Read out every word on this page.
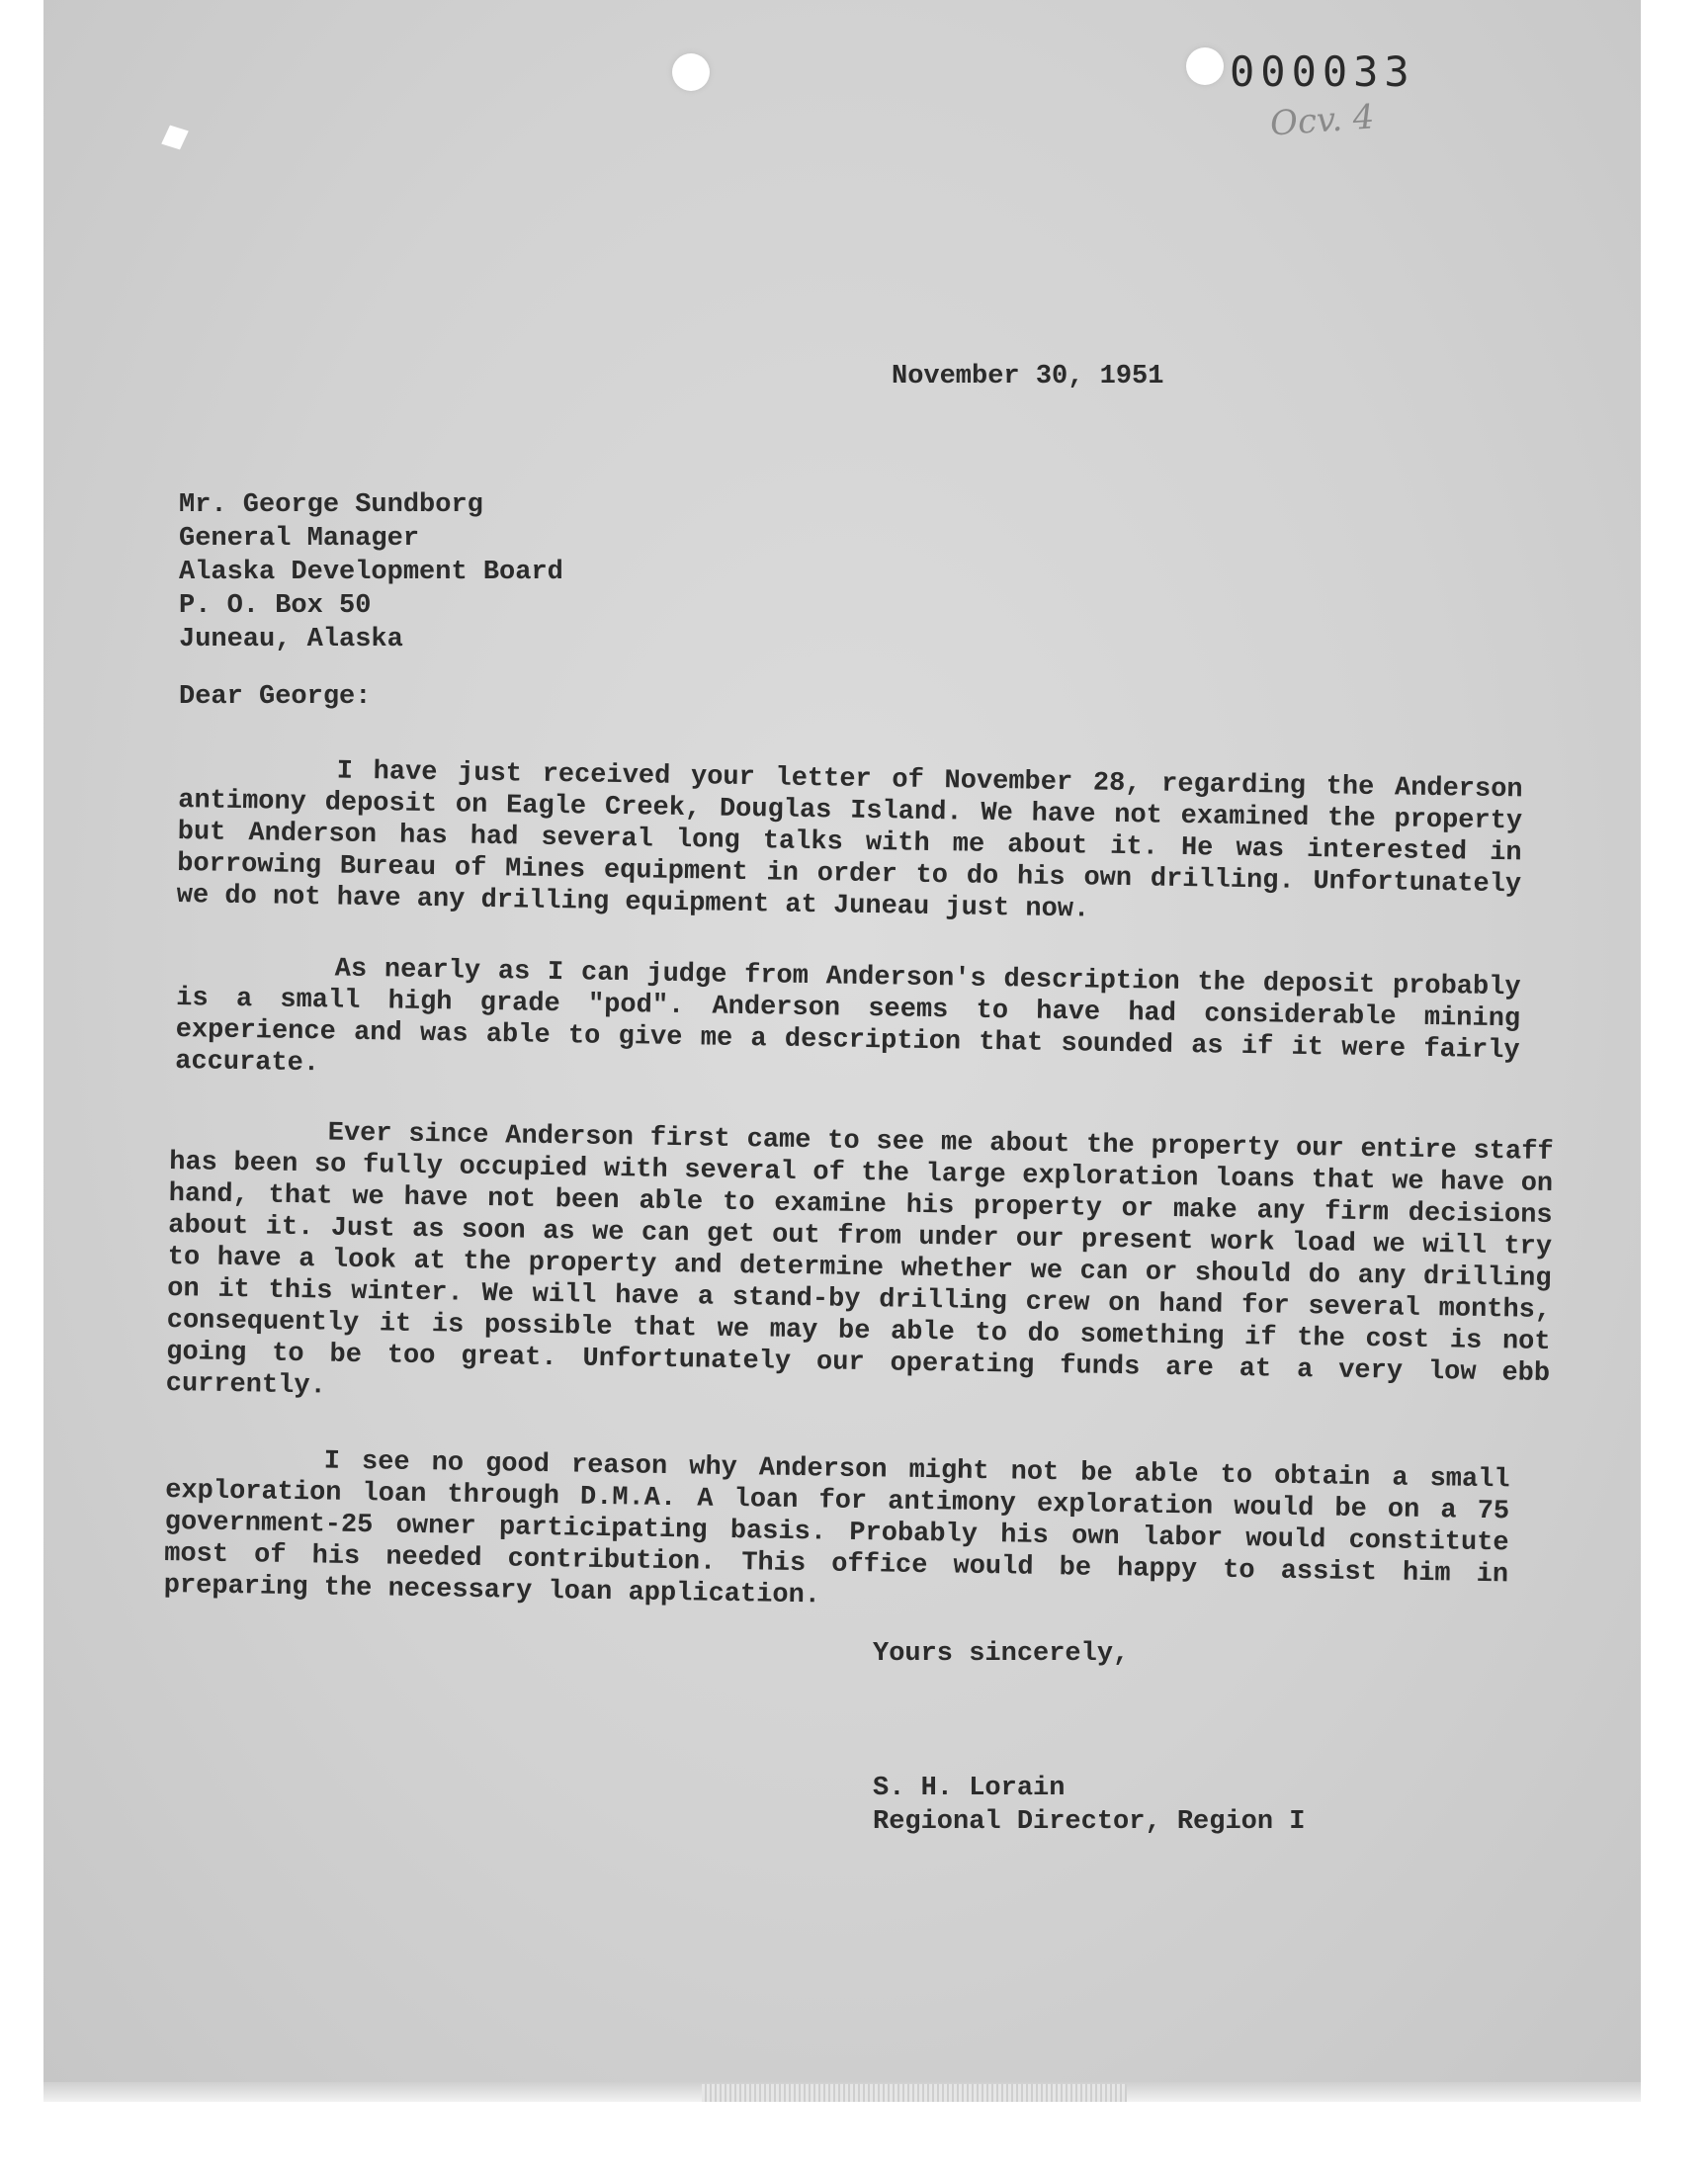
000033
Ocv. 4
November 30, 1951
Mr. George Sundborg
General Manager
Alaska Development Board
P. O. Box 50
Juneau, Alaska
Dear George:
I have just received your letter of November 28, regarding the Anderson antimony deposit on Eagle Creek, Douglas Island. We have not examined the property but Anderson has had several long talks with me about it. He was interested in borrowing Bureau of Mines equipment in order to do his own drilling. Unfortunately we do not have any drilling equipment at Juneau just now.
As nearly as I can judge from Anderson's description the deposit probably is a small high grade "pod". Anderson seems to have had considerable mining experience and was able to give me a description that sounded as if it were fairly accurate.
Ever since Anderson first came to see me about the property our entire staff has been so fully occupied with several of the large exploration loans that we have on hand, that we have not been able to examine his property or make any firm decisions about it. Just as soon as we can get out from under our present work load we will try to have a look at the property and determine whether we can or should do any drilling on it this winter. We will have a stand-by drilling crew on hand for several months, consequently it is possible that we may be able to do something if the cost is not going to be too great. Unfortunately our operating funds are at a very low ebb currently.
I see no good reason why Anderson might not be able to obtain a small exploration loan through D.M.A. A loan for antimony exploration would be on a 75 government-25 owner participating basis. Probably his own labor would constitute most of his needed contribution. This office would be happy to assist him in preparing the necessary loan application.
Yours sincerely,
S. H. Lorain
Regional Director, Region I
